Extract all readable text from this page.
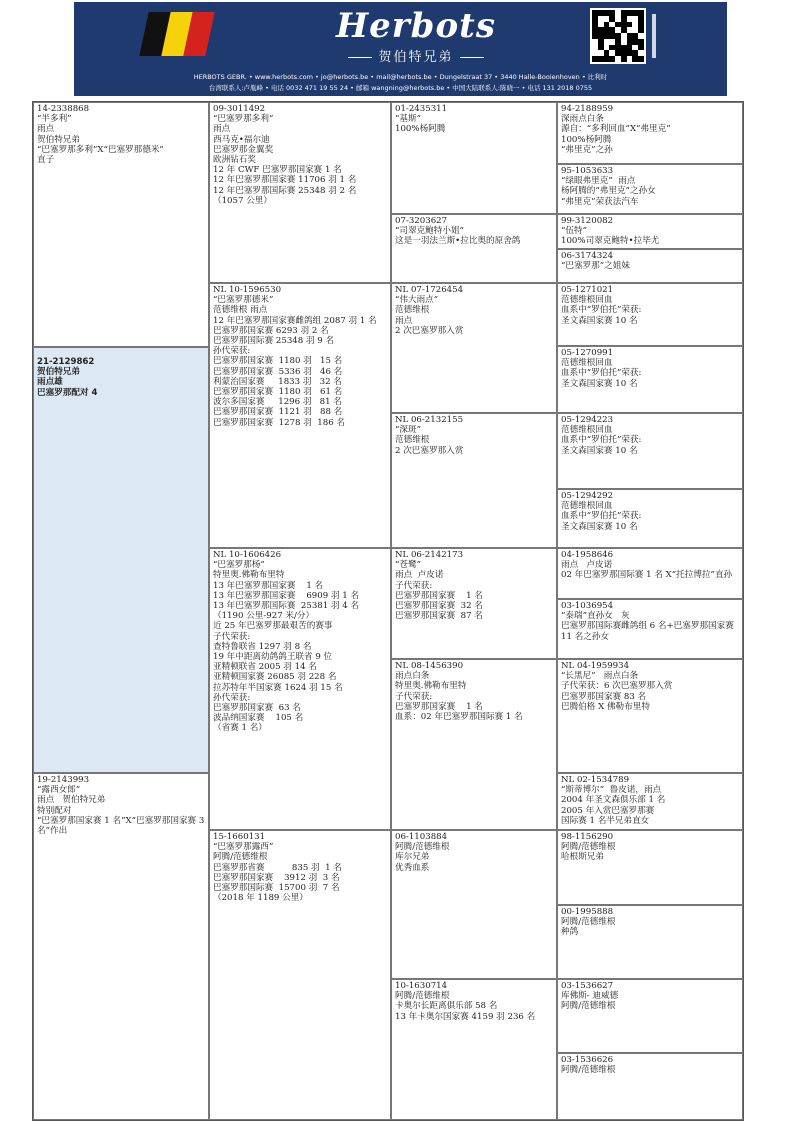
Herbots
贺伯特兄弟
HERBOTS GEBR. • www.herbots.com • jo@herbots.be • mail@herbots.be • Dungelstraat 37 • 3440 Halle-Booienhoven • 比利时
台湾联系人:卢胤峰 • 电话 0032 471 19 55 24 • 邮箱 wangning@herbots.be • 中国大陆联系人:陈晓一 • 电话 131 2018 0755
14-2338868
“半多利”
雨点
贺伯特兄弟
“巴塞罗那多利”X“巴塞罗那德米”
直子
21-2129862
贺伯特兄弟
雨点雄
巴塞罗那配对 4
19-2143993
“露西女郎”
雨点   贺伯特兄弟
特别配对
“巴塞罗那国家赛 1 名”X“巴塞罗那国家赛 3 名”作出
09-3011492
“巴塞罗那多利”
雨点
西马克•福尔迪
巴塞罗那金翼奖
欧洲钻石奖
12 年 CWF 巴塞罗那国家赛 1 名
12 年巴塞罗那国家赛 11706 羽 1 名
12 年巴塞罗那国际赛 25348 羽 2 名
（1057 公里）
NL 10-1596530
“巴塞罗那德米”
范德维根 雨点
12 年巴塞罗那国家赛雌鸽组 2087 羽 1 名
巴塞罗那国家赛 6293 羽 2 名
巴塞罗那国际赛 25348 羽 9 名
孙代荣获:
巴塞罗那国家赛  1180 羽   15 名
巴塞罗那国家赛  5336 羽   46 名
利蒙治国家赛     1833 羽   32 名
巴塞罗那国家赛  1180 羽   61 名
波尔多国家赛     1296 羽   81 名
巴塞罗那国家赛  1121 羽   88 名
巴塞罗那国家赛  1278 羽  186 名
NL 10-1606426
“巴塞罗那杨”
特里奥.佛勒布里特
13 年巴塞罗那国家赛    1 名
13 年巴塞罗那国家赛    6909 羽 1 名
13 年巴塞罗那国际赛  25381 羽 4 名
（1190 公里-927 米/分）
近 25 年巴塞罗那最艰苦的赛事
子代荣获:
查特鲁联省 1297 羽 8 名
19 年中距离幼鸽鸽王联省 9 位
亚精顿联省 2005 羽 14 名
亚精顿国家赛 26085 羽 228 名
拉苏特年半国家赛 1624 羽 15 名
孙代荣获:
巴塞罗那国家赛  63 名
波品纳国家赛    105 名
（省赛 1 名）
15-1660131
“巴塞罗那露西”
阿腾/范德维根
巴塞罗那省赛          835 羽  1 名
巴塞罗那国家赛    3912 羽  3 名
巴塞罗那国际赛  15700 羽  7 名
（2018 年 1189 公里）
01-2435311
“基斯”
100%杨阿腾
07-3203627
“司翠克鲍特小姐”
这是一羽法兰斯•拉比奥的原舍鸽
NL 07-1726454
“伟大雨点”
范德维根
雨点
2 次巴塞罗那入赏
NL 06-2132155
“深斑”
范德维根
2 次巴塞罗那入赏
NL 06-2142173
“苍鹭”
雨点  卢皮诺
子代荣获:
巴塞罗那国家赛    1 名
巴塞罗那国家赛  32 名
巴塞罗那国家赛  87 名
NL 08-1456390
雨点白条
特里奥.佛勒布里特
子代荣获:
巴塞罗那国家赛    1 名
血系：02 年巴塞罗那国际赛 1 名
06-1103884
阿腾/范德维根
库尔兄弟
优秀血系
10-1630714
阿腾/范德维根
卡奥尔长距离俱乐部 58 名
13 年卡奥尔国家赛 4159 羽 236 名
94-2188959
深雨点白条
源自：“多利回血”X“弗里克”
100%杨阿腾
“弗里克”之孙
95-1053633
“绿眼弗里克”  雨点
杨阿腾的“弗里克”之孙女
“弗里克”荣获法汽车
99-3120082
“伍特”
100%司翠克鲍特•拉毕尤
06-3174324
“巴塞罗那”之姐妹
05-1271021
范德维根回血
血系中“罗伯托”荣获:
圣文森国家赛 10 名
05-1270991
范德维根回血
血系中“罗伯托”荣获:
圣文森国家赛 10 名
05-1294223
范德维根回血
血系中“罗伯托”荣获:
圣文森国家赛 10 名
05-1294292
范德维根回血
血系中“罗伯托”荣获:
圣文森国家赛 10 名
04-1958646
雨点   卢皮诺
02 年巴塞罗那国际赛 1 名 X“托拉博拉”直孙
03-1036954
“泰瑞”直孙女   灰
巴塞罗那国际赛雌鸽组 6 名+巴塞罗那国家赛 11 名之孙女
NL 04-1959934
“长黑尼”   雨点白条
子代荣获：6 次巴塞罗那入赏
巴塞罗那国家赛 83 名
巴腾伯格 X 佛勒布里特
NL 02-1534789
“斯蒂博尔”  鲁皮诺，雨点
2004 年圣文森俱乐部 1 名
2005 年入赏巴塞罗那赛
国际赛 1 名半兄弟直女
98-1156290
阿腾/范德维根
哈根斯兄弟
00-1995888
阿腾/范德维根
种鸽
03-1536627
库佛斯- 迪威德
阿腾/范德维根
03-1536626
阿腾/范德维根
